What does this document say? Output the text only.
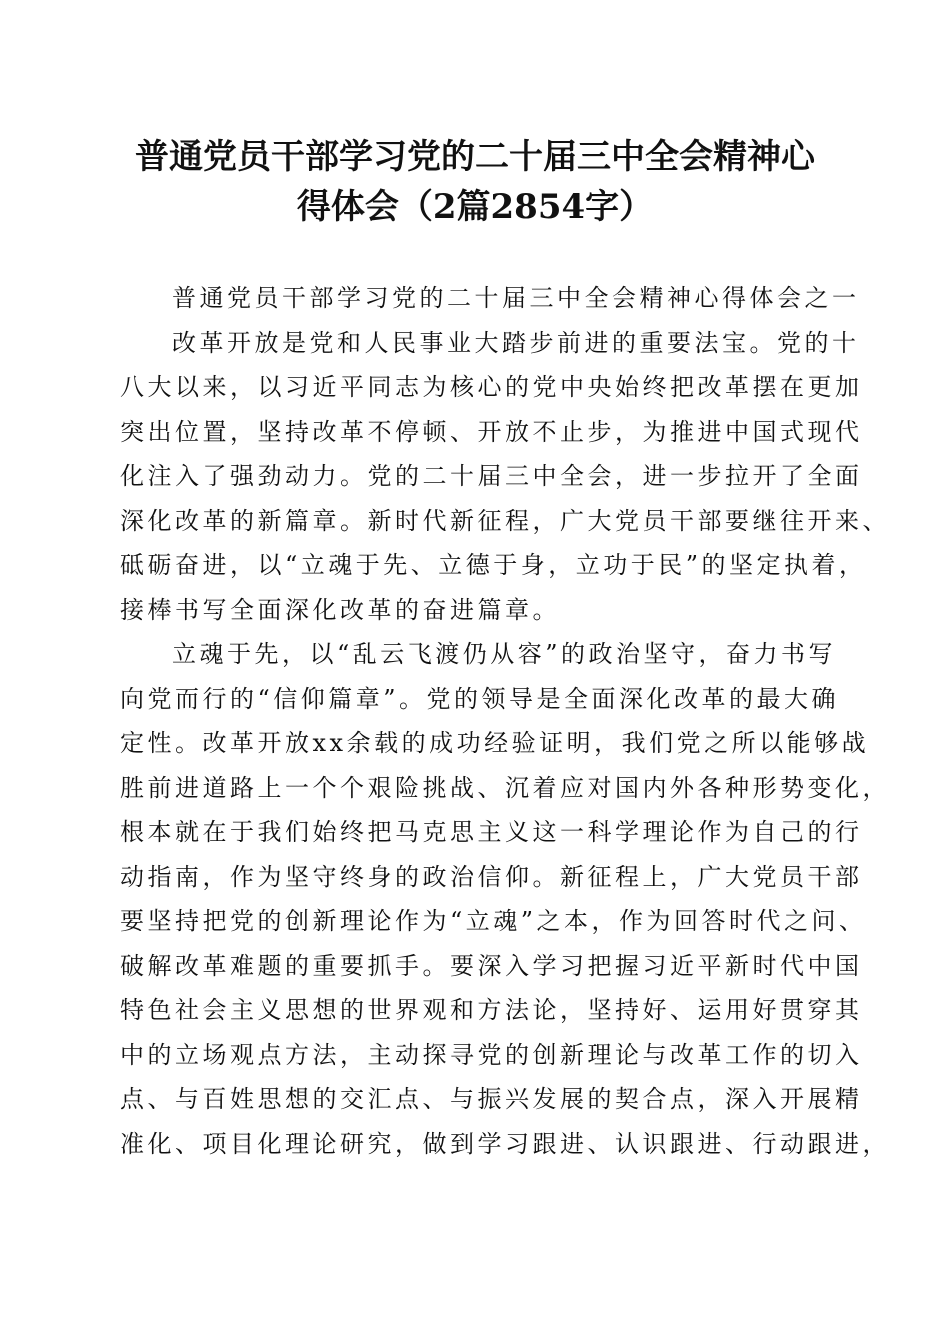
普通党员干部学习党的二十届三中全会精神心
得体会（2篇2854字）
普通党员干部学习党的二十届三中全会精神心得体会之一
改革开放是党和人民事业大踏步前进的重要法宝。党的十
八大以来，以习近平同志为核心的党中央始终把改革摆在更加
突出位置，坚持改革不停顿、开放不止步，为推进中国式现代
化注入了强劲动力。党的二十届三中全会，进一步拉开了全面
深化改革的新篇章。新时代新征程，广大党员干部要继往开来、
砥砺奋进，以“立魂于先、立德于身，立功于民”的坚定执着，
接棒书写全面深化改革的奋进篇章。
立魂于先，以“乱云飞渡仍从容”的政治坚守，奋力书写
向党而行的“信仰篇章”。党的领导是全面深化改革的最大确
定性。改革开放xx余载的成功经验证明，我们党之所以能够战
胜前进道路上一个个艰险挑战、沉着应对国内外各种形势变化，
根本就在于我们始终把马克思主义这一科学理论作为自己的行
动指南，作为坚守终身的政治信仰。新征程上，广大党员干部
要坚持把党的创新理论作为“立魂”之本，作为回答时代之问、
破解改革难题的重要抓手。要深入学习把握习近平新时代中国
特色社会主义思想的世界观和方法论，坚持好、运用好贯穿其
中的立场观点方法，主动探寻党的创新理论与改革工作的切入
点、与百姓思想的交汇点、与振兴发展的契合点，深入开展精
准化、项目化理论研究，做到学习跟进、认识跟进、行动跟进，
